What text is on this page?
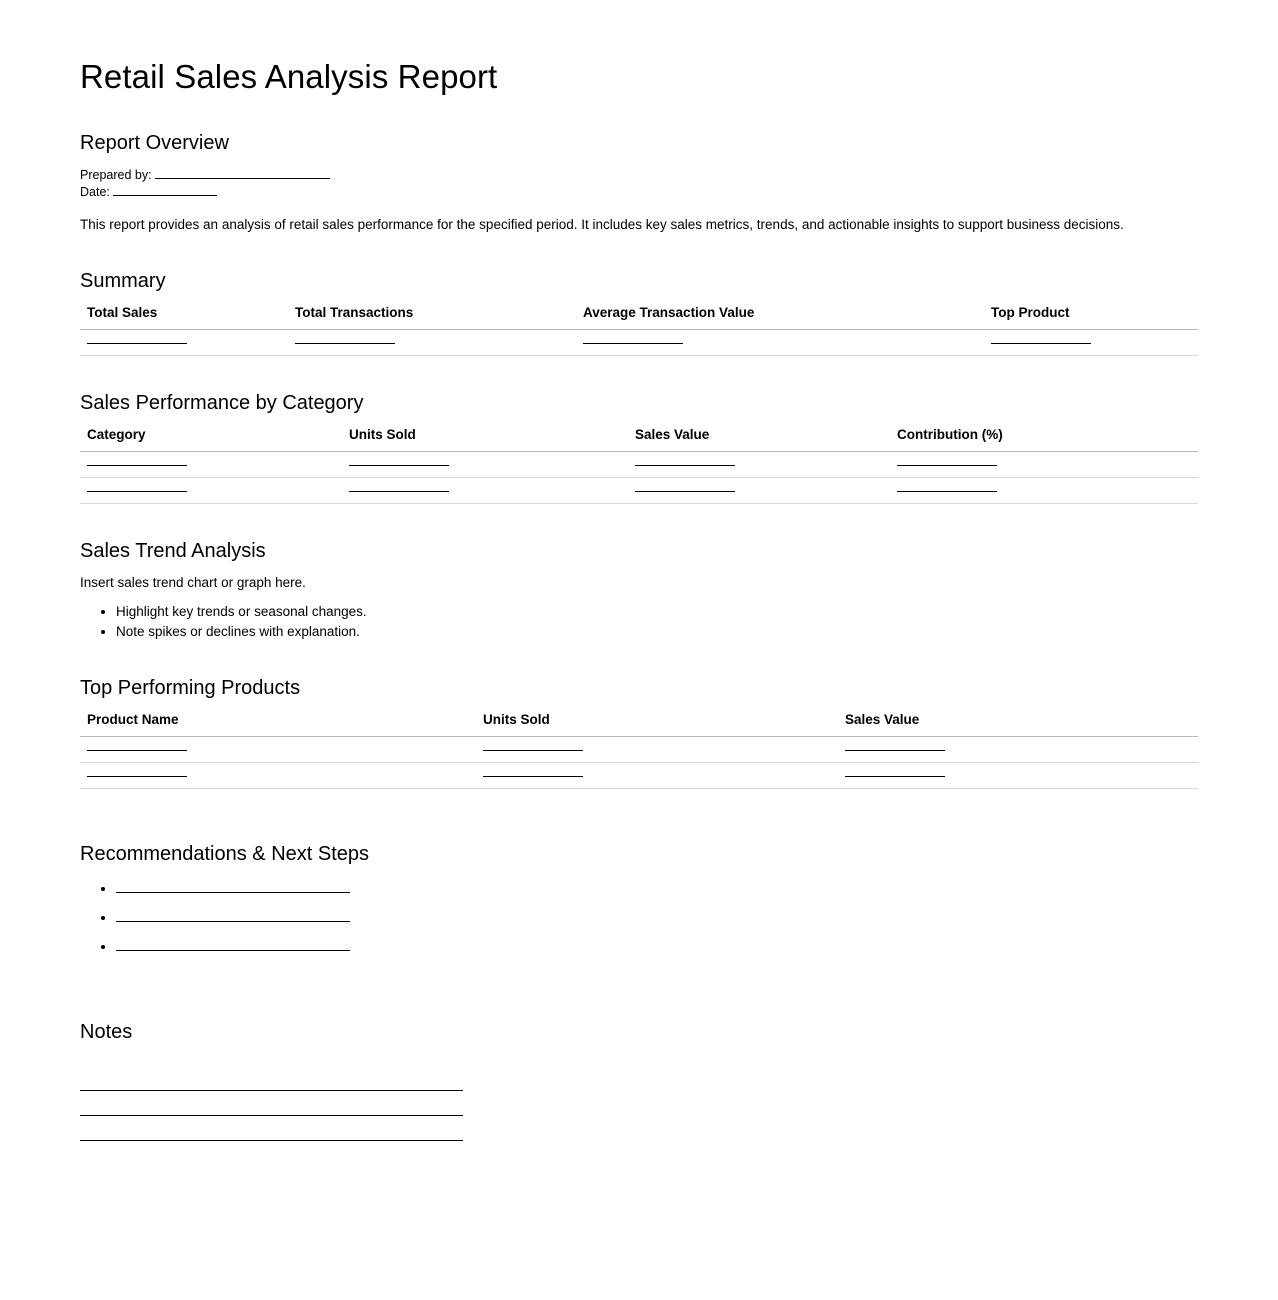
Retail Sales Analysis Report
Report Overview

Prepared by:

Date:

This report provides an analysis of retail sales performance for the specified period. It includes key sales metrics, trends, and actionable insights to support business decisions.

Summary
Total Sales	Total Transactions	Average Transaction Value	Top Product

Sales Performance by Category
Category	Units Sold	Sales Value	Contribution (%)

Sales Trend Analysis

Insert sales trend chart or graph here.

• Highlight key trends or seasonal changes.
• Note spikes or declines with explanation.
Top Performing Products
Product Name	Units Sold	Sales Value

Recommendations & Next Steps
•
•
•
Notes
